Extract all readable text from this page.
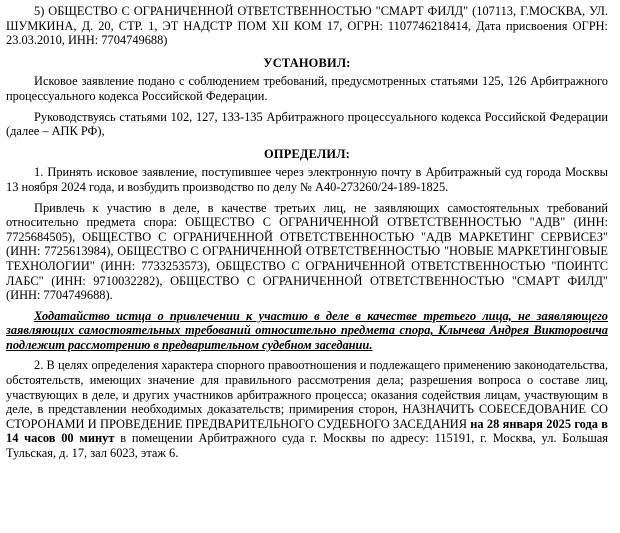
5) ОБЩЕСТВО С ОГРАНИЧЕННОЙ ОТВЕТСТВЕННОСТЬЮ "СМАРТ ФИЛД" (107113, Г.МОСКВА, УЛ. ШУМКИНА, Д. 20, СТР. 1, ЭТ НАДСТР ПОМ XII КОМ 17, ОГРН: 1107746218414, Дата присвоения ОГРН: 23.03.2010, ИНН: 7704749688)

УСТАНОВИЛ:

Исковое заявление подано с соблюдением требований, предусмотренных статьями 125, 126 Арбитражного процессуального кодекса Российской Федерации.

Руководствуясь статьями 102, 127, 133-135 Арбитражного процессуального кодекса Российской Федерации (далее – АПК РФ),

ОПРЕДЕЛИЛ:

1. Принять исковое заявление, поступившее через электронную почту в Арбитражный суд города Москвы 13 ноября 2024 года, и возбудить производство по делу № А40-273260/24-189-1825.

Привлечь к участию в деле, в качестве третьих лиц, не заявляющих самостоятельных требований относительно предмета спора: ОБЩЕСТВО С ОГРАНИЧЕННОЙ ОТВЕТСТВЕННОСТЬЮ "АДВ" (ИНН: 7725684505), ОБЩЕСТВО С ОГРАНИЧЕННОЙ ОТВЕТСТВЕННОСТЬЮ "АДВ МАРКЕТИНГ СЕРВИСЕЗ" (ИНН: 7725613984), ОБЩЕСТВО С ОГРАНИЧЕННОЙ ОТВЕТСТВЕННОСТЬЮ "НОВЫЕ МАРКЕТИНГОВЫЕ ТЕХНОЛОГИИ" (ИНН: 7733253573), ОБЩЕСТВО С ОГРАНИЧЕННОЙ ОТВЕТСТВЕННОСТЬЮ "ПОИНТС ЛАБС" (ИНН: 9710032282), ОБЩЕСТВО С ОГРАНИЧЕННОЙ ОТВЕТСТВЕННОСТЬЮ "СМАРТ ФИЛД" (ИНН: 7704749688).

Ходатайство истца о привлечении к участию в деле в качестве третьего лица, не заявляющего заявляющих самостоятельных требований относительно предмета спора, Клычева Андрея Викторовича подлежит рассмотрению в предварительном судебном заседании.

2. В целях определения характера спорного правоотношения и подлежащего применению законодательства, обстоятельств, имеющих значение для правильного рассмотрения дела; разрешения вопроса о составе лиц, участвующих в деле, и других участников арбитражного процесса; оказания содействия лицам, участвующим в деле, в представлении необходимых доказательств; примирения сторон, НАЗНАЧИТЬ СОБЕСЕДОВАНИЕ СО СТОРОНАМИ И ПРОВЕДЕНИЕ ПРЕДВАРИТЕЛЬНОГО СУДЕБНОГО ЗАСЕДАНИЯ на 28 января 2025 года в 14 часов 00 минут в помещении Арбитражного суда г. Москвы по адресу: 115191, г. Москва, ул. Большая Тульская, д. 17, зал 6023, этаж 6.
